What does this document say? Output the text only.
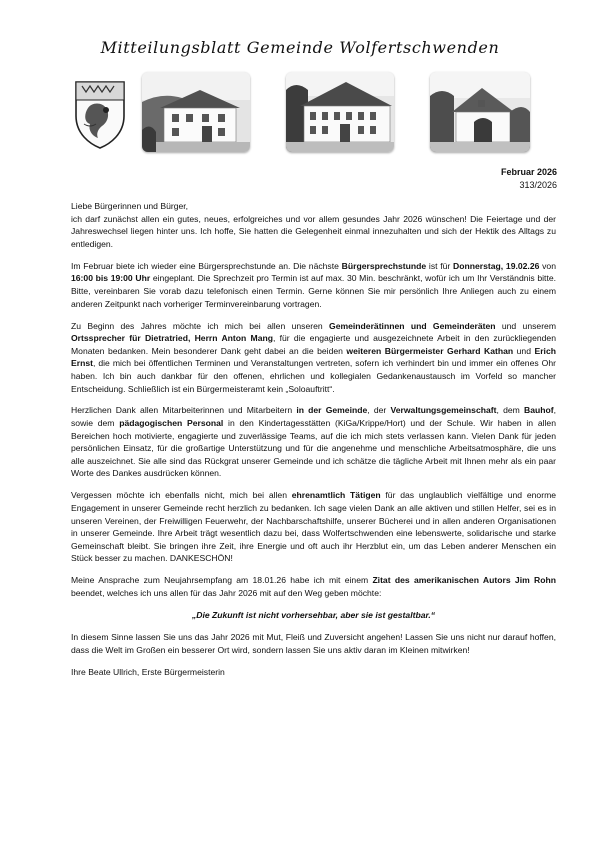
Mitteilungsblatt Gemeinde Wolfertschwenden
Februar 2026
313/2026

Liebe Bürgerinnen und Bürger,
ich darf zunächst allen ein gutes, neues, erfolgreiches und vor allem gesundes Jahr 2026 wünschen! Die Feiertage und der Jahreswechsel liegen hinter uns. Ich hoffe, Sie hatten die Gelegenheit einmal innezuhalten und sich der Hektik des Alltags zu entledigen.

Im Februar biete ich wieder eine Bürgersprechstunde an. Die nächste Bürgersprechstunde ist für Donnerstag, 19.02.26 von 16:00 bis 19:00 Uhr eingeplant. Die Sprechzeit pro Termin ist auf max. 30 Min. beschränkt, wofür ich um Ihr Verständnis bitte. Bitte, vereinbaren Sie vorab dazu telefonisch einen Termin. Gerne können Sie mir persönlich Ihre Anliegen auch zu einem anderen Zeitpunkt nach vorheriger Terminvereinbarung vortragen.

Zu Beginn des Jahres möchte ich mich bei allen unseren Gemeinderätinnen und Gemeinderäten und unserem Ortssprecher für Dietratried, Herrn Anton Mang, für die engagierte und ausgezeichnete Arbeit in den zurückliegenden Monaten bedanken. Mein besonderer Dank geht dabei an die beiden weiteren Bürgermeister Gerhard Kathan und Erich Ernst, die mich bei öffentlichen Terminen und Veranstaltungen vertreten, sofern ich verhindert bin und immer ein offenes Ohr haben. Ich bin auch dankbar für den offenen, ehrlichen und kollegialen Gedankenaustausch im Vorfeld so mancher Entscheidung. Schließlich ist ein Bürgermeisteramt kein „Soloauftritt“.

Herzlichen Dank allen Mitarbeiterinnen und Mitarbeitern in der Gemeinde, der Verwaltungsgemeinschaft, dem Bauhof, sowie dem pädagogischen Personal in den Kindertagesstätten (KiGa/Krippe/Hort) und der Schule. Wir haben in allen Bereichen hoch motivierte, engagierte und zuverlässige Teams, auf die ich mich stets verlassen kann. Vielen Dank für jeden persönlichen Einsatz, für die großartige Unterstützung und für die angenehme und menschliche Arbeitsatmosphäre, die uns alle auszeichnet. Sie alle sind das Rückgrat unserer Gemeinde und ich schätze die tägliche Arbeit mit Ihnen mehr als ein paar Worte des Dankes ausdrücken können.

Vergessen möchte ich ebenfalls nicht, mich bei allen ehrenamtlich Tätigen für das unglaublich vielfältige und enorme Engagement in unserer Gemeinde recht herzlich zu bedanken. Ich sage vielen Dank an alle aktiven und stillen Helfer, sei es in unseren Vereinen, der Freiwilligen Feuerwehr, der Nachbarschaftshilfe, unserer Bücherei und in allen anderen Organisationen in unserer Gemeinde. Ihre Arbeit trägt wesentlich dazu bei, dass Wolfertschwenden eine lebenswerte, solidarische und starke Gemeinschaft bleibt. Sie bringen ihre Zeit, ihre Energie und oft auch ihr Herzblut ein, um das Leben anderer Menschen ein Stück besser zu machen. DANKESCHÖN!

Meine Ansprache zum Neujahrsempfang am 18.01.26 habe ich mit einem Zitat des amerikanischen Autors Jim Rohn beendet, welches ich uns allen für das Jahr 2026 mit auf den Weg geben möchte:

„Die Zukunft ist nicht vorhersehbar, aber sie ist gestaltbar.“

In diesem Sinne lassen Sie uns das Jahr 2026 mit Mut, Fleiß und Zuversicht angehen! Lassen Sie uns nicht nur darauf hoffen, dass die Welt im Großen ein besserer Ort wird, sondern lassen Sie uns aktiv daran im Kleinen mitwirken!

Ihre Beate Ullrich, Erste Bürgermeisterin
